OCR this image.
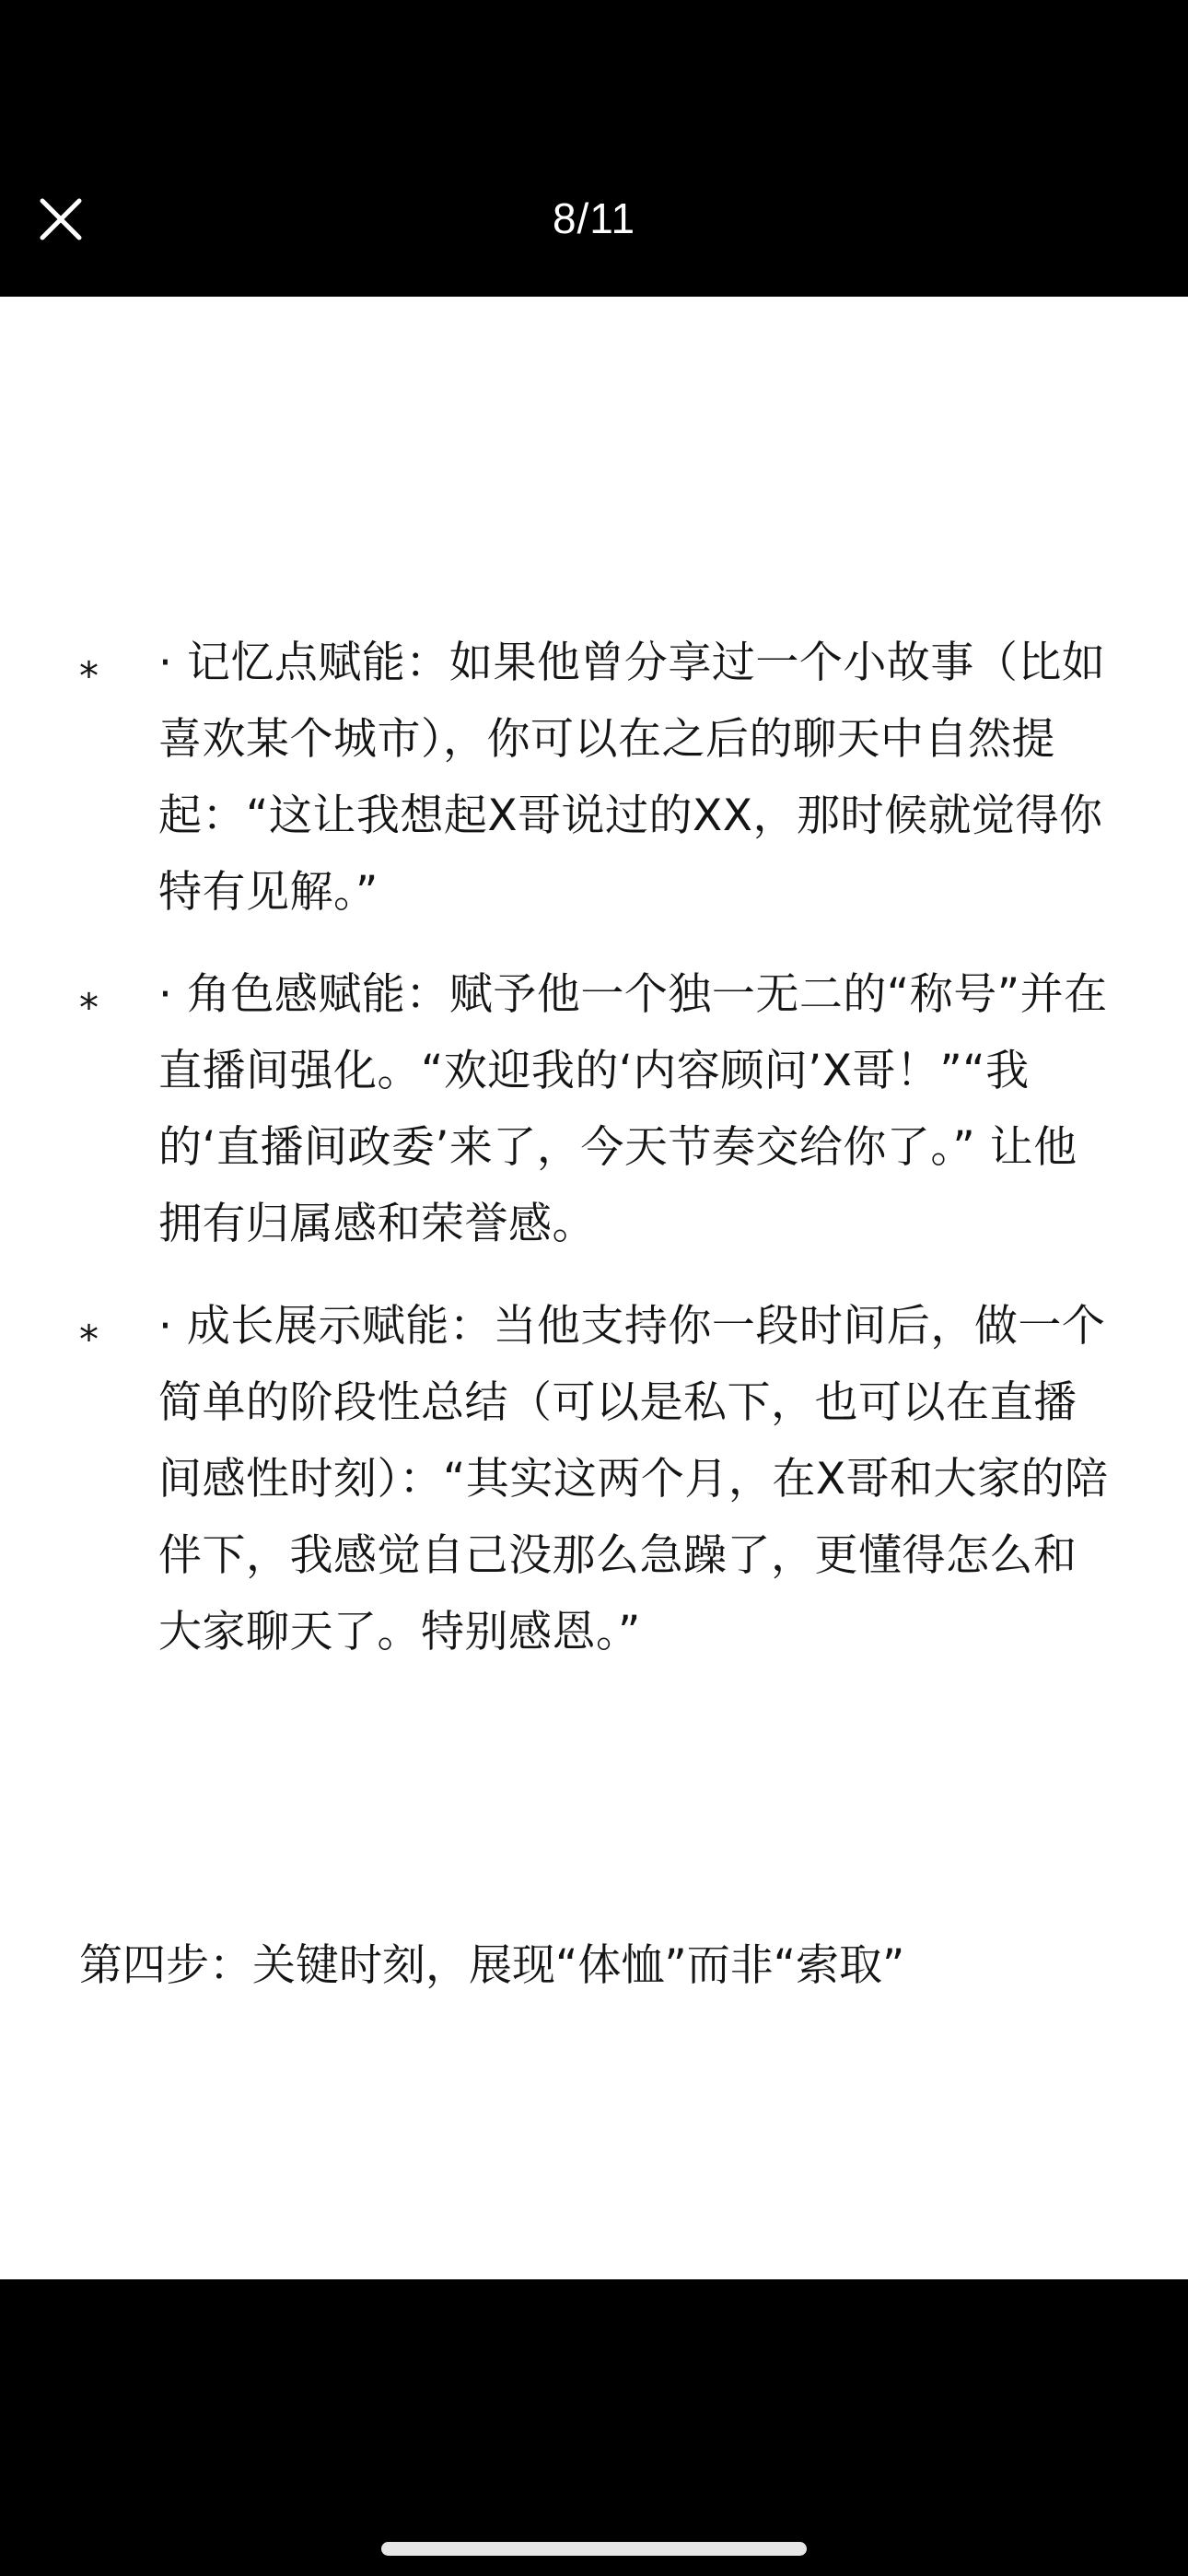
8/11
* · 记忆点赋能：如果他曾分享过一个小故事（比如喜欢某个城市），你可以在之后的聊天中自然提起：“这让我想起X哥说过的XX，那时候就觉得你特有见解。”

* · 角色感赋能：赋予他一个独一无二的“称号”并在直播间强化。“欢迎我的‘内容顾问’X哥！”“我的‘直播间政委’来了，今天节奏交给你了。” 让他拥有归属感和荣誉感。

* · 成长展示赋能：当他支持你一段时间后，做一个简单的阶段性总结（可以是私下，也可以在直播间感性时刻）：“其实这两个月，在X哥和大家的陪伴下，我感觉自己没那么急躁了，更懂得怎么和大家聊天了。特别感恩。”

第四步：关键时刻，展现“体恤”而非“索取”
